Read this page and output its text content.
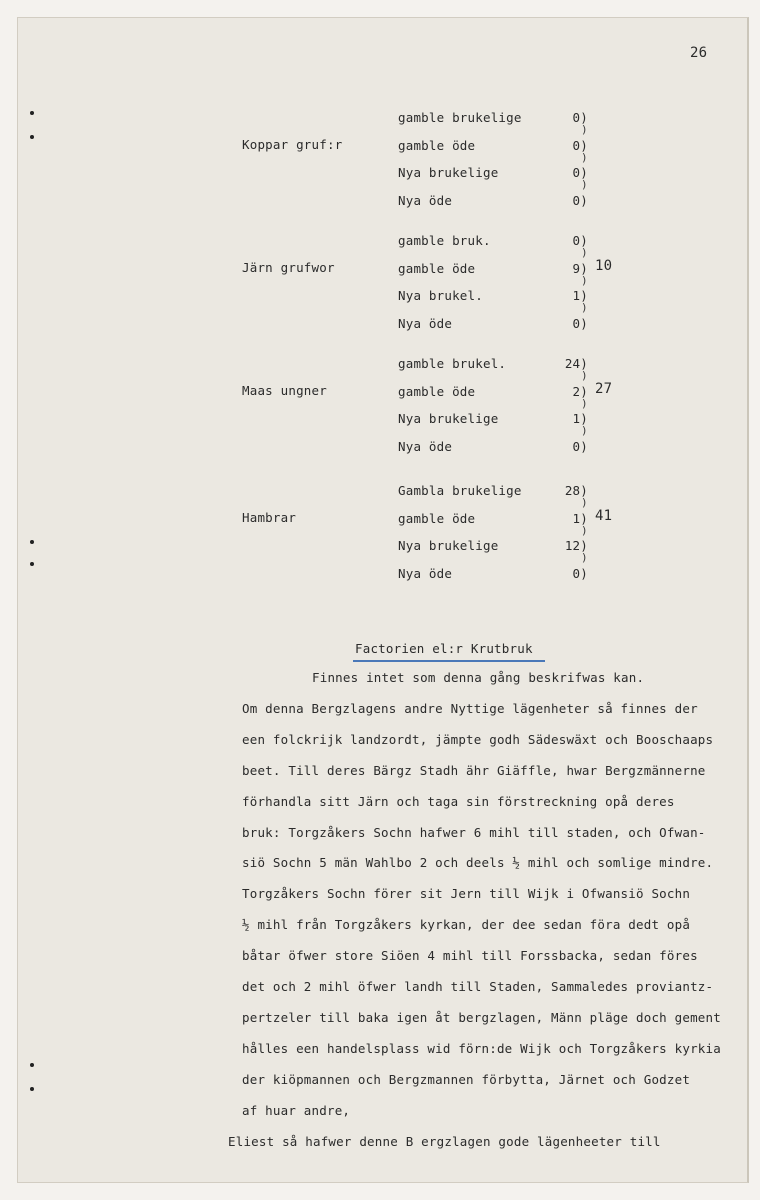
26
Koppar gruf:r
gamble brukelige	0)
)
gamble öde	0)
)
Nya brukelige	0)
)
Nya öde	0)
Järn grufwor
gamble bruk.	0)
)
gamble öde	9)
)
Nya brukel.	1)
)
Nya öde	0)
10
Maas ungner
gamble brukel.	24)
)
gamble öde	2)
)
Nya brukelige	1)
)
Nya öde	0)
27
Hambrar
Gambla brukelige	28)
)
gamble öde	1)
)
Nya brukelige	12)
)
Nya öde	0)
41
Factorien el:r Krutbruk
Finnes intet som denna gång beskrifwas kan.
Om denna Bergzlagens andre Nyttige lägenheter så finnes der
een folckrijk landzordt, jämpte godh Sädeswäxt och Booschaaps
beet. Till deres Bärgz Stadh ähr Giäffle, hwar Bergzmännerne
förhandla sitt Järn och taga sin förstreckning opå deres
bruk: Torgzåkers Sochn hafwer 6 mihl till staden, och Ofwan-
siö Sochn 5 män Wahlbo 2 och deels ½ mihl och somlige mindre.
Torgzåkers Sochn förer sit Jern till Wijk i Ofwansiö Sochn
½ mihl från Torgzåkers kyrkan, der dee sedan föra dedt opå
båtar öfwer store Siöen 4 mihl till Forssbacka, sedan föres
det och 2 mihl öfwer landh till Staden, Sammaledes proviantz-
pertzeler till baka igen åt bergzlagen, Männ pläge doch gement
hålles een handelsplass wid förn:de Wijk och Torgzåkers kyrkia
der kiöpmannen och Bergzmannen förbytta, Järnet och Godzet
af huar andre,
Eliest så hafwer denne B ergzlagen gode lägenheeter till
